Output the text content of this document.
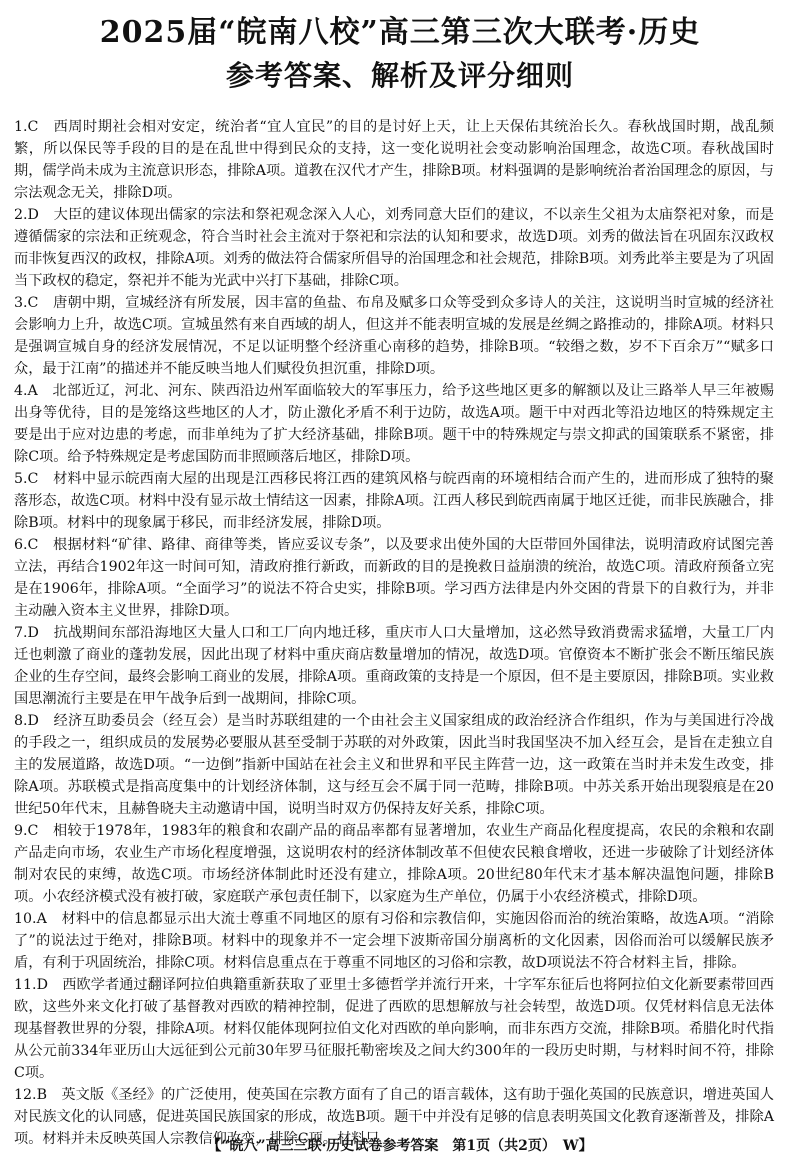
2025届“皖南八校”高三第三次大联考·历史
参考答案、解析及评分细则

1.C　 西周时期社会相对安定，统治者“宜人宜民”的目的是讨好上天，让上天保佑其统治长久。春秋战国时期，战乱频繁，所以保民等手段的目的是在乱世中得到民众的支持，这一变化说明社会变动影响治国理念，故选C项。春秋战国时期，儒学尚未成为主流意识形态，排除A项。道教在汉代才产生，排除B项。材料强调的是影响统治者治国理念的原因，与宗法观念无关，排除D项。

2.D　 大臣的建议体现出儒家的宗法和祭祀观念深入人心，刘秀同意大臣们的建议，不以亲生父祖为太庙祭祀对象，而是遵循儒家的宗法和正统观念，符合当时社会主流对于祭祀和宗法的认知和要求，故选D项。刘秀的做法旨在巩固东汉政权而非恢复西汉的政权，排除A项。刘秀的做法符合儒家所倡导的治国理念和社会规范，排除B项。刘秀此举主要是为了巩固当下政权的稳定，祭祀并不能为光武中兴打下基础，排除C项。

3.C　 唐朝中期，宣城经济有所发展，因丰富的鱼盐、布帛及赋多口众等受到众多诗人的关注，这说明当时宣城的经济社会影响力上升，故选C项。宣城虽然有来自西域的胡人，但这并不能表明宣城的发展是丝绸之路推动的，排除A项。材料只是强调宣城自身的经济发展情况，不足以证明整个经济重心南移的趋势，排除B项。“较缗之数，岁不下百余万”“赋多口众，最于江南”的描述并不能反映当地人们赋役负担沉重，排除D项。

4.A　 北部近辽，河北、河东、陕西沿边州军面临较大的军事压力，给予这些地区更多的解额以及让三路举人早三年被赐出身等优待，目的是笼络这些地区的人才，防止激化矛盾不利于边防，故选A项。题干中对西北等沿边地区的特殊规定主要是出于应对边患的考虑，而非单纯为了扩大经济基础，排除B项。题干中的特殊规定与崇文抑武的国策联系不紧密，排除C项。给予特殊规定是考虑国防而非照顾落后地区，排除D项。

5.C　 材料中显示皖西南大屋的出现是江西移民将江西的建筑风格与皖西南的环境相结合而产生的，进而形成了独特的聚落形态，故选C项。材料中没有显示故土情结这一因素，排除A项。江西人移民到皖西南属于地区迁徙，而非民族融合，排除B项。材料中的现象属于移民，而非经济发展，排除D项。

6.C　 根据材料“矿律、路律、商律等类，皆应妥议专条”，以及要求出使外国的大臣带回外国律法，说明清政府试图完善立法，再结合1902年这一时间可知，清政府推行新政，而新政的目的是挽救日益崩溃的统治，故选C项。清政府预备立宪是在1906年，排除A项。“全面学习”的说法不符合史实，排除B项。学习西方法律是内外交困的背景下的自救行为，并非主动融入资本主义世界，排除D项。

7.D　 抗战期间东部沿海地区大量人口和工厂向内地迁移，重庆市人口大量增加，这必然导致消费需求猛增，大量工厂内迁也刺激了商业的蓬勃发展，因此出现了材料中重庆商店数量增加的情况，故选D项。官僚资本不断扩张会不断压缩民族企业的生存空间，最终会影响工商业的发展，排除A项。重商政策的支持是一个原因，但不是主要原因，排除B项。实业救国思潮流行主要是在甲午战争后到一战期间，排除C项。

8.D　 经济互助委员会（经互会）是当时苏联组建的一个由社会主义国家组成的政治经济合作组织，作为与美国进行冷战的手段之一，组织成员的发展势必要服从甚至受制于苏联的对外政策，因此当时我国坚决不加入经互会，是旨在走独立自主的发展道路，故选D项。“一边倒”指新中国站在社会主义和世界和平民主阵营一边，这一政策在当时并未发生改变，排除A项。苏联模式是指高度集中的计划经济体制，这与经互会不属于同一范畴，排除B项。中苏关系开始出现裂痕是在20世纪50年代末，且赫鲁晓夫主动邀请中国，说明当时双方仍保持友好关系，排除C项。

9.C　 相较于1978年，1983年的粮食和农副产品的商品率都有显著增加，农业生产商品化程度提高，农民的余粮和农副产品走向市场，农业生产市场化程度增强，这说明农村的经济体制改革不但使农民粮食增收，还进一步破除了计划经济体制对农民的束缚，故选C项。市场经济体制此时还没有建立，排除A项。20世纪80年代末才基本解决温饱问题，排除B项。小农经济模式没有被打破，家庭联产承包责任制下，以家庭为生产单位，仍属于小农经济模式，排除D项。

10.A　 材料中的信息都显示出大流士尊重不同地区的原有习俗和宗教信仰，实施因俗而治的统治策略，故选A项。“消除了”的说法过于绝对，排除B项。材料中的现象并不一定会埋下波斯帝国分崩离析的文化因素，因俗而治可以缓解民族矛盾，有利于巩固统治，排除C项。材料信息重点在于尊重不同地区的习俗和宗教，故D项说法不符合材料主旨，排除。

11.D　 西欧学者通过翻译阿拉伯典籍重新获取了亚里士多德哲学并流行开来，十字军东征后也将阿拉伯文化新要素带回西欧，这些外来文化打破了基督教对西欧的精神控制，促进了西欧的思想解放与社会转型，故选D项。仅凭材料信息无法体现基督教世界的分裂，排除A项。材料仅能体现阿拉伯文化对西欧的单向影响，而非东西方交流，排除B项。希腊化时代指从公元前334年亚历山大远征到公元前30年罗马征服托勒密埃及之间大约300年的一段历史时期，与材料时间不符，排除C项。

12.B　 英文版《圣经》的广泛使用，使英国在宗教方面有了自己的语言载体，这有助于强化英国的民族意识，增进英国人对民族文化的认同感，促进英国民族国家的形成，故选B项。题干中并没有足够的信息表明英国文化教育逐渐普及，排除A项。材料并未反映英国人宗教信仰改变，排除C项。材料只

【“皖八”高三三联·历史试卷参考答案　第1页（共2页）　W】
